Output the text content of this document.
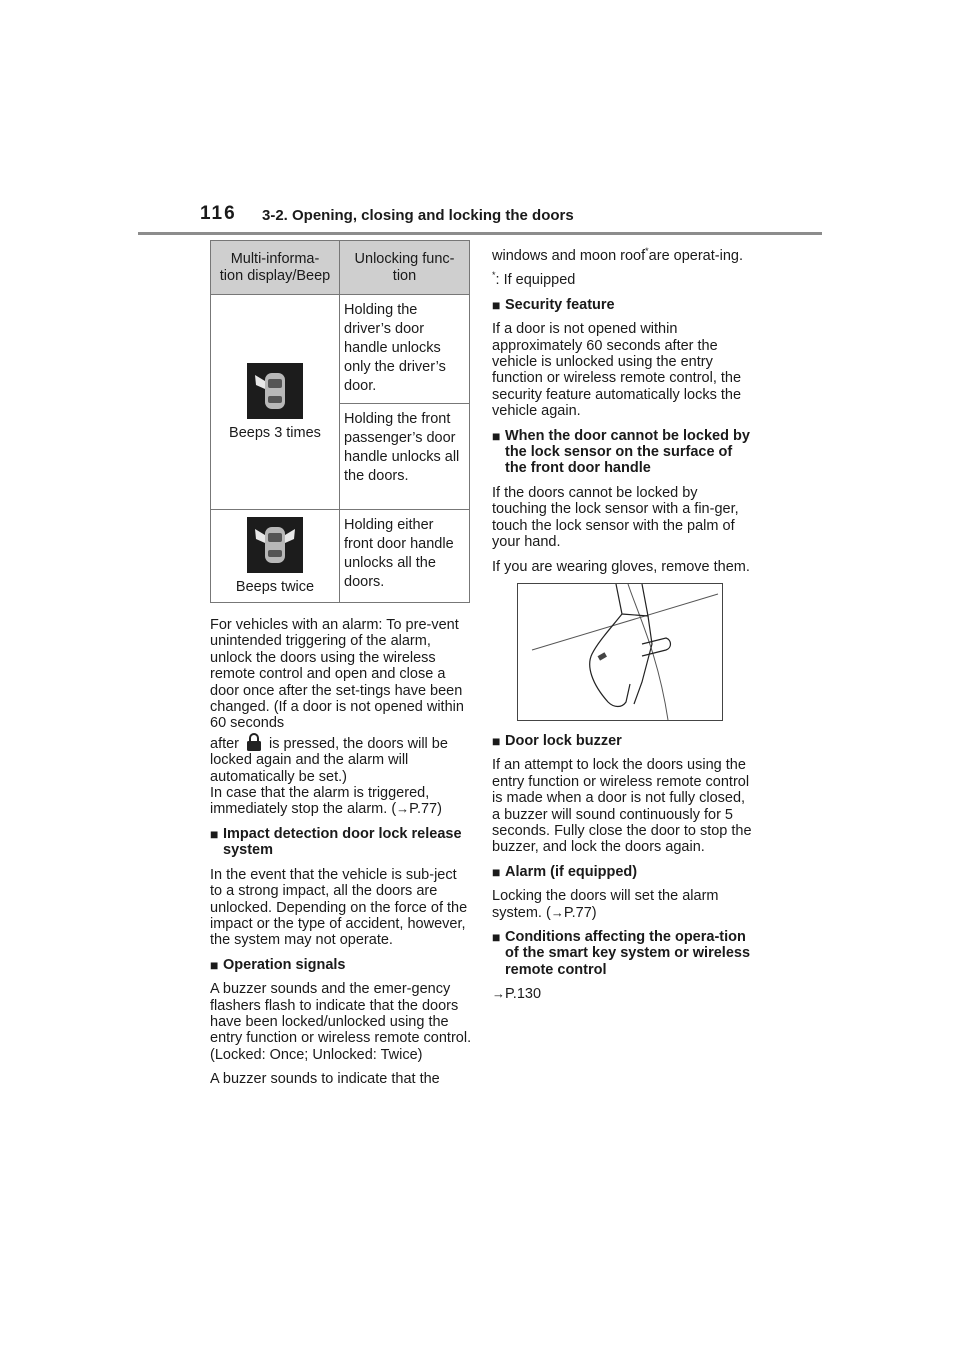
116 3-2. Opening, closing and locking the doors
Multi-informa-
tion display/Beep	Unlocking func-
tion

Beeps 3 times	Holding the driver’s door handle unlocks only the driver’s door.
	Holding the front passenger’s door handle unlocks all the doors.

Beeps twice	Holding either front door handle unlocks all the doors.

For vehicles with an alarm: To pre-vent unintended triggering of the alarm, unlock the doors using the wireless remote control and open and close a door once after the set-tings have been changed. (If a door is not opened within 60 seconds
after is pressed, the doors will be locked again and the alarm will automatically be set.)
In case that the alarm is triggered, immediately stop the alarm. (→P.77)

■ Impact detection door lock release system

In the event that the vehicle is sub-ject to a strong impact, all the doors are unlocked. Depending on the force of the impact or the type of accident, however, the system may not operate.

■ Operation signals

A buzzer sounds and the emer-gency flashers flash to indicate that the doors have been locked/unlocked using the entry function or wireless remote control. (Locked: Once; Unlocked: Twice)

A buzzer sounds to indicate that the

windows and moon roof*are operat-ing.

*: If equipped

■ Security feature

If a door is not opened within approximately 60 seconds after the vehicle is unlocked using the entry function or wireless remote control, the security feature automatically locks the vehicle again.

■ When the door cannot be locked by the lock sensor on the surface of the front door handle

If the doors cannot be locked by touching the lock sensor with a fin-ger, touch the lock sensor with the palm of your hand.

If you are wearing gloves, remove them.

■ Door lock buzzer

If an attempt to lock the doors using the entry function or wireless remote control is made when a door is not fully closed, a buzzer will sound continuously for 5 seconds. Fully close the door to stop the buzzer, and lock the doors again.

■ Alarm (if equipped)

Locking the doors will set the alarm system. (→P.77)

■ Conditions affecting the opera-tion of the smart key system or wireless remote control

→P.130
